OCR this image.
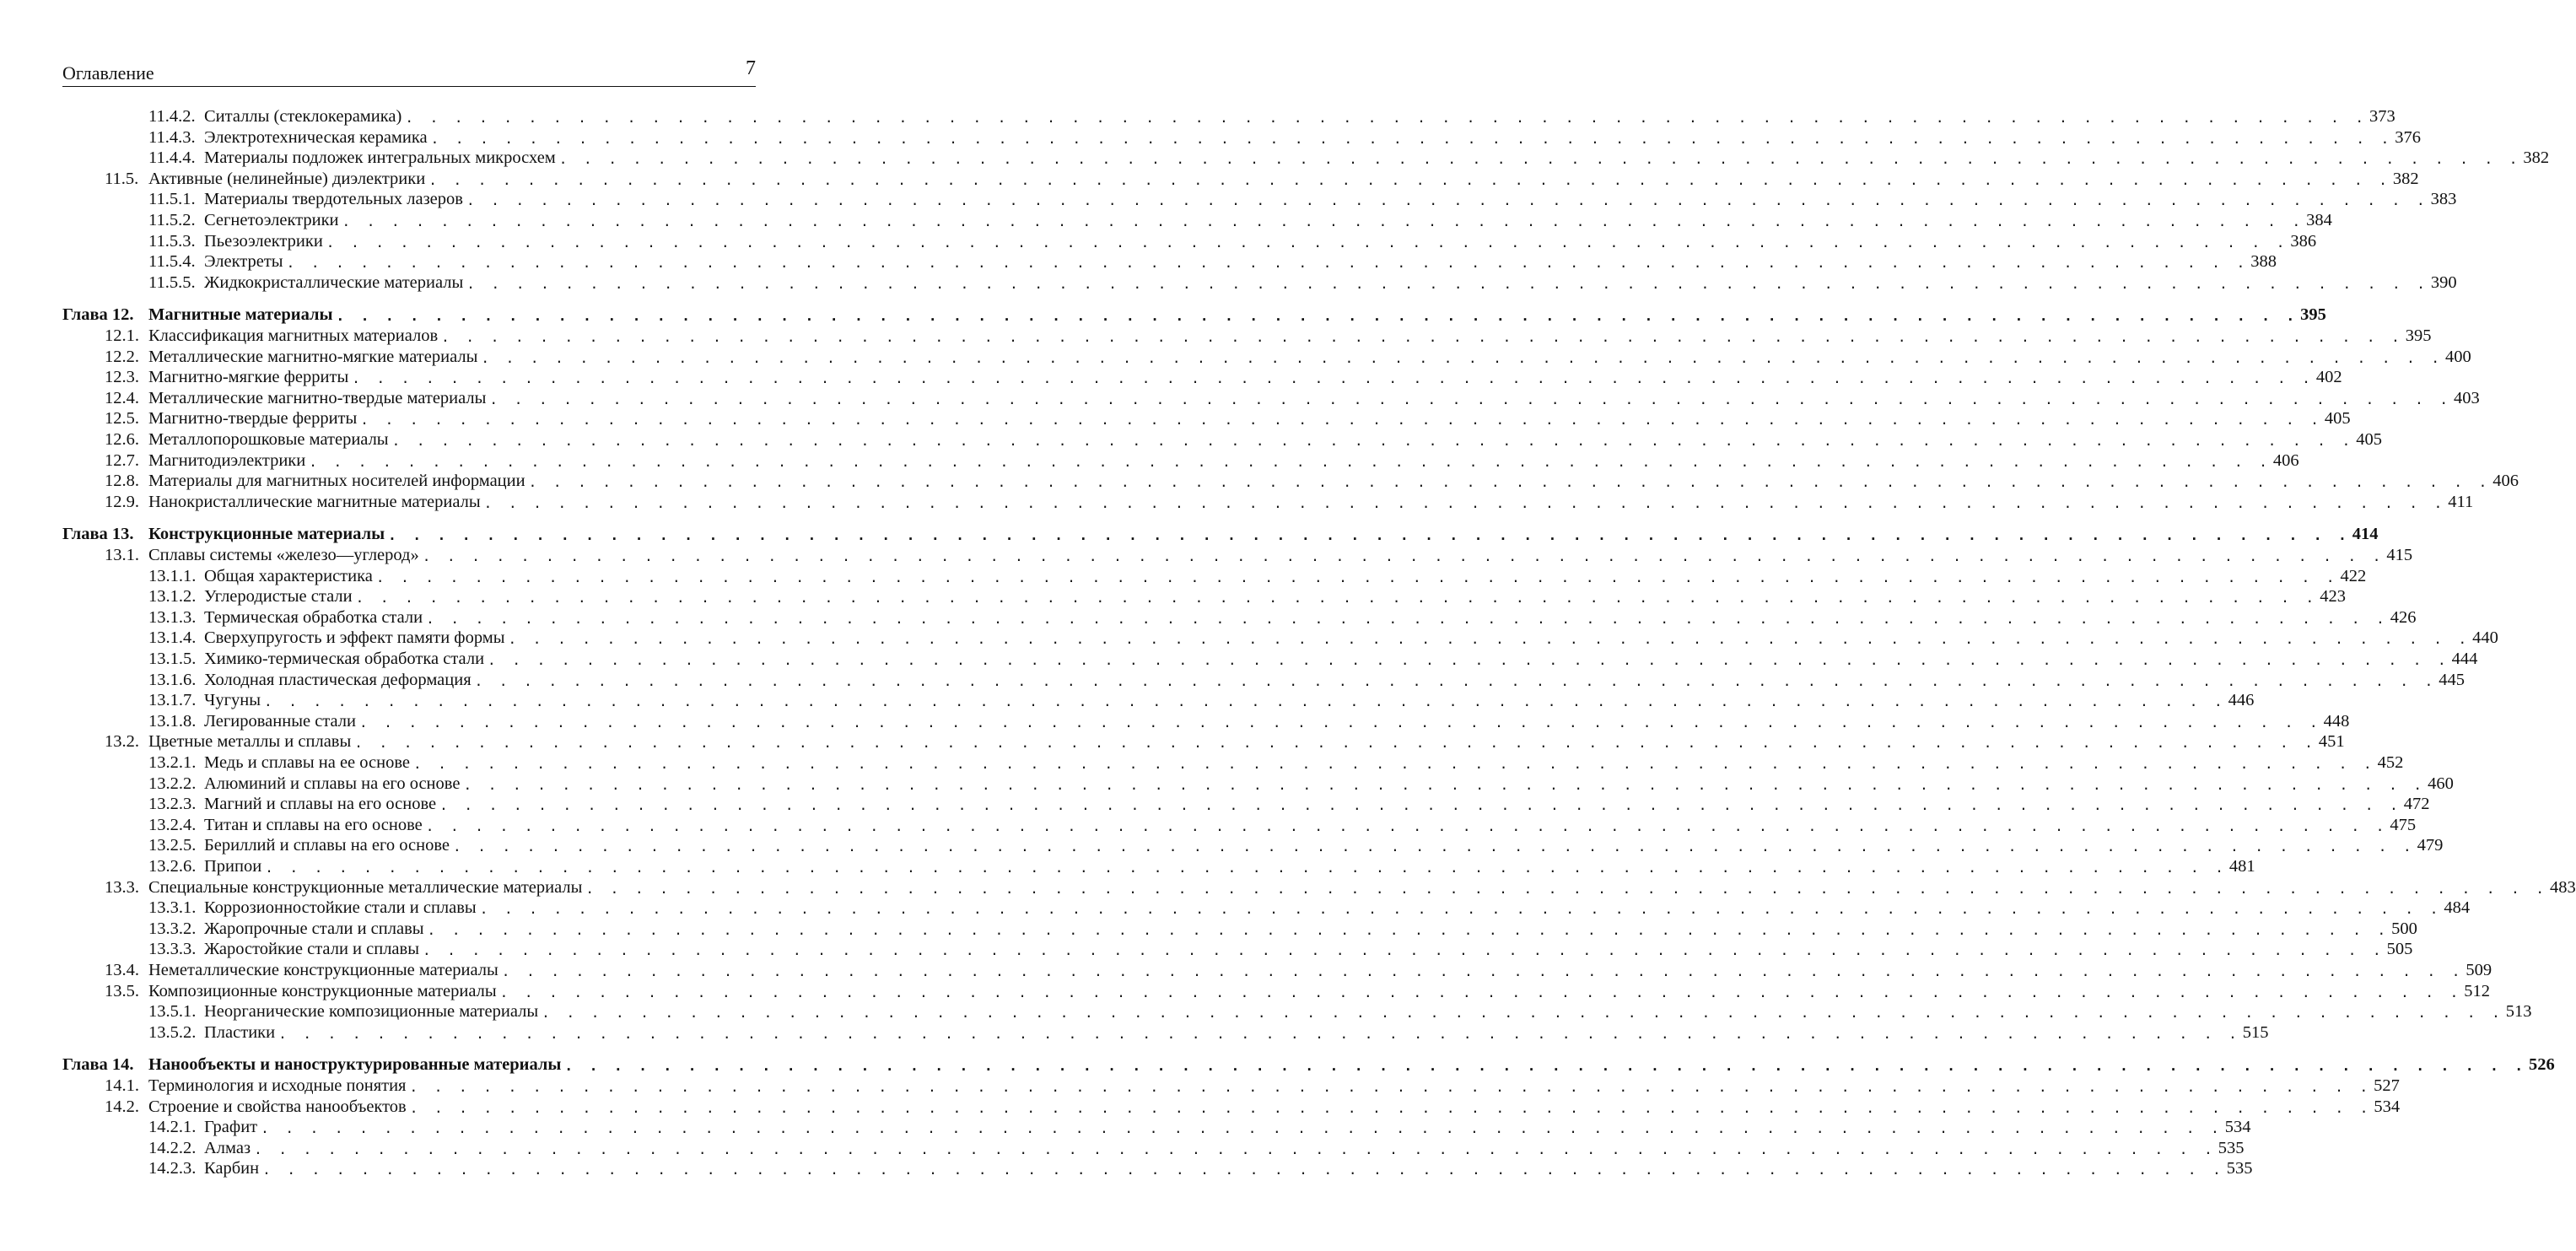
Оглавление	7
11.4.2. Ситаллы (стеклокерамика) . . .	373
11.4.3. Электротехническая керамика . . .	376
11.4.4. Материалы подложек интегральных микросхем . . .	382
11.5. Активные (нелинейные) диэлектрики . . .	382
11.5.1. Материалы твердотельных лазеров . . .	383
11.5.2. Сегнетоэлектрики . . .	384
11.5.3. Пьезоэлектрики . . .	386
11.5.4. Электреты . . .	388
11.5.5. Жидкокристаллические материалы . . .	390
Глава 12. Магнитные материалы . . .	395
12.1. Классификация магнитных материалов . . .	395
12.2. Металлические магнитно-мягкие материалы . . .	400
12.3. Магнитно-мягкие ферриты . . .	402
12.4. Металлические магнитно-твердые материалы . . .	403
12.5. Магнитно-твердые ферриты . . .	405
12.6. Металлопорошковые материалы . . .	405
12.7. Магнитодиэлектрики . . .	406
12.8. Материалы для магнитных носителей информации . . .	406
12.9. Нанокристаллические магнитные материалы . . .	411
Глава 13. Конструкционные материалы . . .	414
13.1. Сплавы системы «железо—углерод» . . .	415
13.1.1. Общая характеристика . . .	422
13.1.2. Углеродистые стали . . .	423
13.1.3. Термическая обработка стали . . .	426
13.1.4. Сверхупругость и эффект памяти формы . . .	440
13.1.5. Химико-термическая обработка стали . . .	444
13.1.6. Холодная пластическая деформация . . .	445
13.1.7. Чугуны . . .	446
13.1.8. Легированные стали . . .	448
13.2. Цветные металлы и сплавы . . .	451
13.2.1. Медь и сплавы на ее основе . . .	452
13.2.2. Алюминий и сплавы на его основе . . .	460
13.2.3. Магний и сплавы на его основе . . .	472
13.2.4. Титан и сплавы на его основе . . .	475
13.2.5. Бериллий и сплавы на его основе . . .	479
13.2.6. Припои . . .	481
13.3. Специальные конструкционные металлические материалы . . .	483
13.3.1. Коррозионностойкие стали и сплавы . . .	484
13.3.2. Жаропрочные стали и сплавы . . .	500
13.3.3. Жаростойкие стали и сплавы . . .	505
13.4. Неметаллические конструкционные материалы . . .	509
13.5. Композиционные конструкционные материалы . . .	512
13.5.1. Неорганические композиционные материалы . . .	513
13.5.2. Пластики . . .	515
Глава 14. Нанообъекты и наноструктурированные материалы . . .	526
14.1. Терминология и исходные понятия . . .	527
14.2. Строение и свойства нанообъектов . . .	534
14.2.1. Графит . . .	534
14.2.2. Алмаз . . .	535
14.2.3. Карбин . . .	535
